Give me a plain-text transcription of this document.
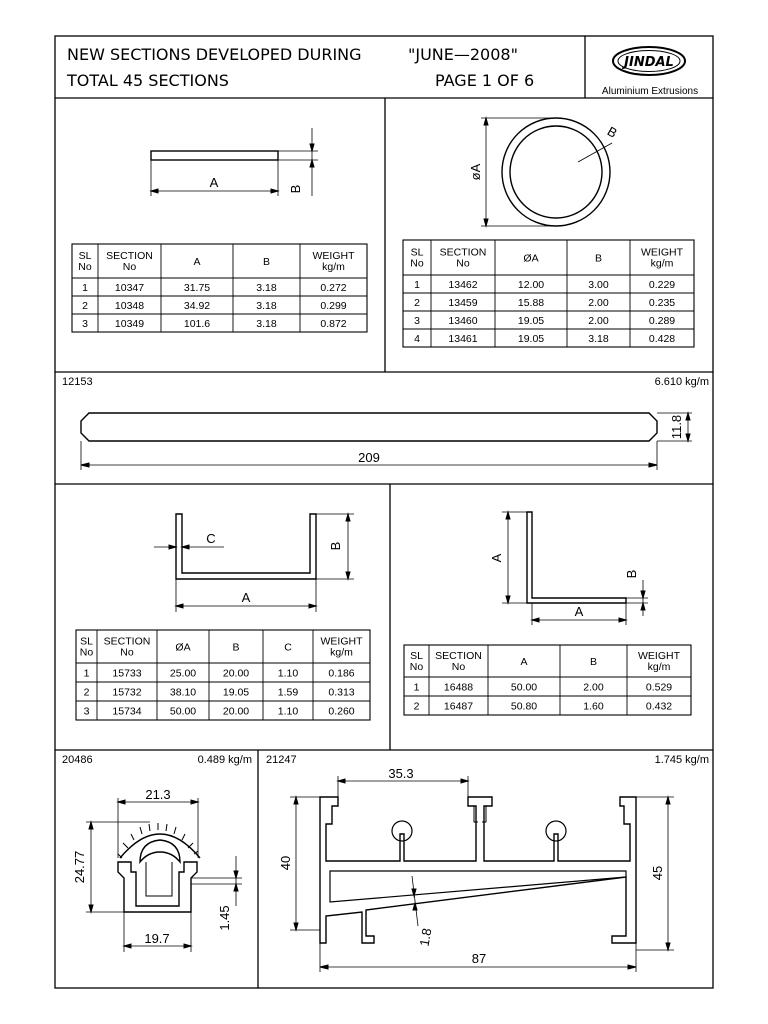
NEW SECTIONS DEVELOPED DURING	"JUNE—2008"
TOTAL 45 SECTIONS	PAGE 1 OF 6
JINDAL
Aluminium Extrusions
A	B
SL No
SECTION No	A	B	WEIGHT kg/m
1	10347	31.75	3.18	0.272
2	10348	34.92	3.18	0.299
3	10349	101.6	3.18	0.872
øA
B
SL No
SECTION No	ØA	B	WEIGHT kg/m
1	13462	12.00	3.00	0.229
2	13459	15.88	2.00	0.235
3	13460	19.05	2.00	0.289
4	13461	19.05	3.18	0.428
12153	6.610 kg/m
209
11.8
A
B
C
SL No
SECTION No	ØA	B	C	WEIGHT kg/m
1 15733	25.00	20.00	1.10	0.186
2 15732	38.10	19.05	1.59	0.313
3 15734	50.00	20.00	1.10	0.260
A
A
B
SL No
SECTION No	A	B	WEIGHT kg/m
1 16488	50.00	2.00	0.529
2 16487	50.80	1.60	0.432
20486	0.489 kg/m
21.3
24.77
19.7
1.45
21247	1.745 kg/m
35.3
40
45
1.8
87
